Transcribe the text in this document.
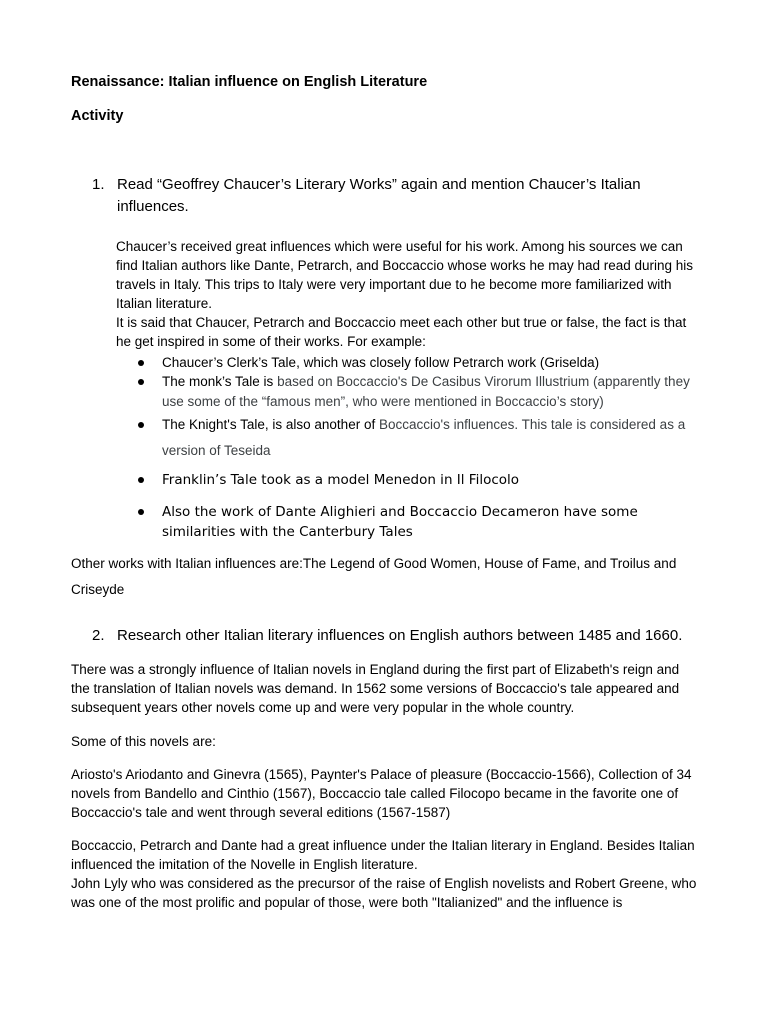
Renaissance: Italian influence on English Literature
Activity
1. Read “Geoffrey Chaucer’s Literary Works” again and mention Chaucer’s Italian influences.

Chaucer’s received great influences which were useful for his work. Among his sources we can find Italian authors like Dante, Petrarch, and Boccaccio whose works he may had read during his travels in Italy. This trips to Italy were very important due to he become more familiarized with Italian literature.

It is said that Chaucer, Petrarch and Boccaccio meet each other but true or false, the fact is that he get inspired in some of their works. For example:

Chaucer’s Clerk’s Tale, which was closely follow Petrarch work (Griselda)
The monk’s Tale is based on Boccaccio's De Casibus Virorum Illustrium (apparently they use some of the “famous men”, who were mentioned in Boccaccio’s story)
The Knight's Tale, is also another of Boccaccio's influences. This tale is considered as a version of Teseida
Franklin’s Tale took as a model Menedon in Il Filocolo
Also the work of Dante Alighieri and Boccaccio Decameron have some similarities with the Canterbury Tales

Other works with Italian influences are:The Legend of Good Women, House of Fame, and Troilus and Criseyde

2. Research other Italian literary influences on English authors between 1485 and 1660.

There was a strongly influence of Italian novels in England during the first part of Elizabeth's reign and the translation of Italian novels was demand. In 1562 some versions of Boccaccio's tale appeared and subsequent years other novels come up and were very popular in the whole country.

Some of this novels are:

Ariosto's Ariodanto and Ginevra (1565), Paynter's Palace of pleasure (Boccaccio-1566), Collection of 34 novels from Bandello and Cinthio (1567), Boccaccio tale called Filocopo became in the favorite one of Boccaccio's tale and went through several editions (1567-1587)

Boccaccio, Petrarch and Dante had a great influence under the Italian literary in England. Besides Italian influenced the imitation of the Novelle in English literature.

John Lyly who was considered as the precursor of the raise of English novelists and Robert Greene, who was one of the most prolific and popular of those, were both "Italianized" and the influence is
